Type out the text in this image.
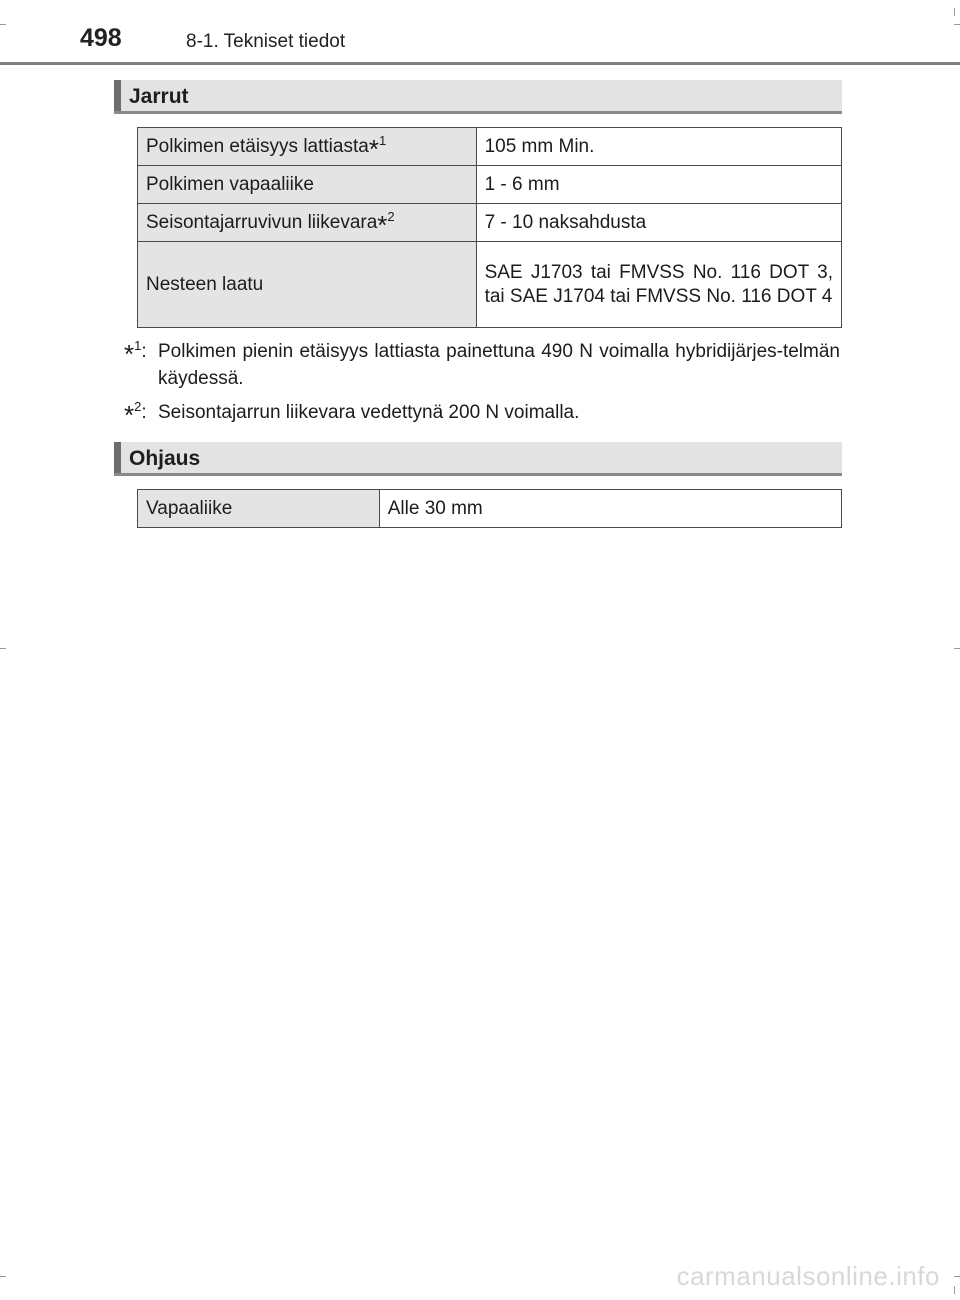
498	8-1. Tekniset tiedot
Jarrut
Polkimen etäisyys lattiasta*$^1$	105 mm Min.
Polkimen vapaaliike	1 - 6 mm
Seisontajarruvivun liikevara*$^2$	7 - 10 naksahdusta
Nesteen laatu	SAE J1703 tai FMVSS No. 116 DOT 3, tai SAE J1704 tai FMVSS No. 116 DOT 4
*$^1$: Polkimen pienin etäisyys lattiasta painettuna 490 N voimalla hybridijärjes-telmän käydessä.
*$^2$: Seisontajarrun liikevara vedettynä 200 N voimalla.
Ohjaus
Vapaaliike	Alle 30 mm
carmanualsonline.info
